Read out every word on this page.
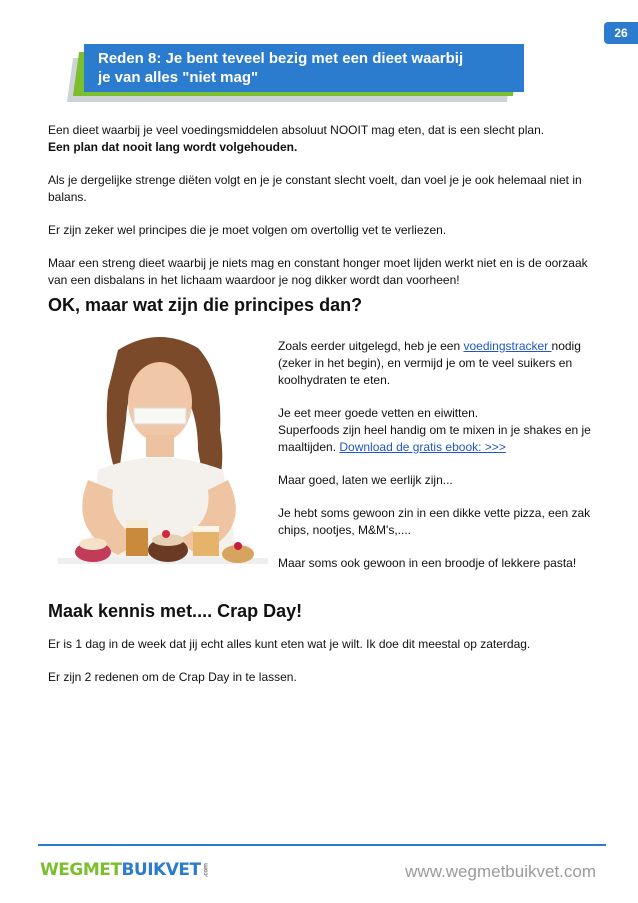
26
Reden 8: Je bent teveel bezig met een dieet waarbij
je van alles "niet mag"

Een dieet waarbij je veel voedingsmiddelen absoluut NOOIT mag eten, dat is een slecht plan.
Een plan dat nooit lang wordt volgehouden.

Als je dergelijke strenge diëten volgt en je je constant slecht voelt, dan voel je je ook helemaal niet in balans.

Er zijn zeker wel principes die je moet volgen om overtollig vet te verliezen.

Maar een streng dieet waarbij je niets mag en constant honger moet lijden werkt niet en is de oorzaak van een disbalans in het lichaam waardoor je nog dikker wordt dan voorheen!

OK, maar wat zijn die principes dan?

Zoals eerder uitgelegd, heb je een voedingstracker nodig (zeker in het begin), en vermijd je om te veel suikers en koolhydraten te eten.

Je eet meer goede vetten en eiwitten.
Superfoods zijn heel handig om te mixen in je shakes en je maaltijden. Download de gratis ebook: >>>

Maar goed, laten we eerlijk zijn...

Je hebt soms gewoon zin in een dikke vette pizza, een zak chips, nootjes, M&M's,....

Maar soms ook gewoon in een broodje of lekkere pasta!

Maak kennis met.... Crap Day!

Er is 1 dag in de week dat jij echt alles kunt eten wat je wilt. Ik doe dit meestal op zaterdag.

Er zijn 2 redenen om de Crap Day in te lassen.

WEGMETBUIKVET .com	www.wegmetbuikvet.com
